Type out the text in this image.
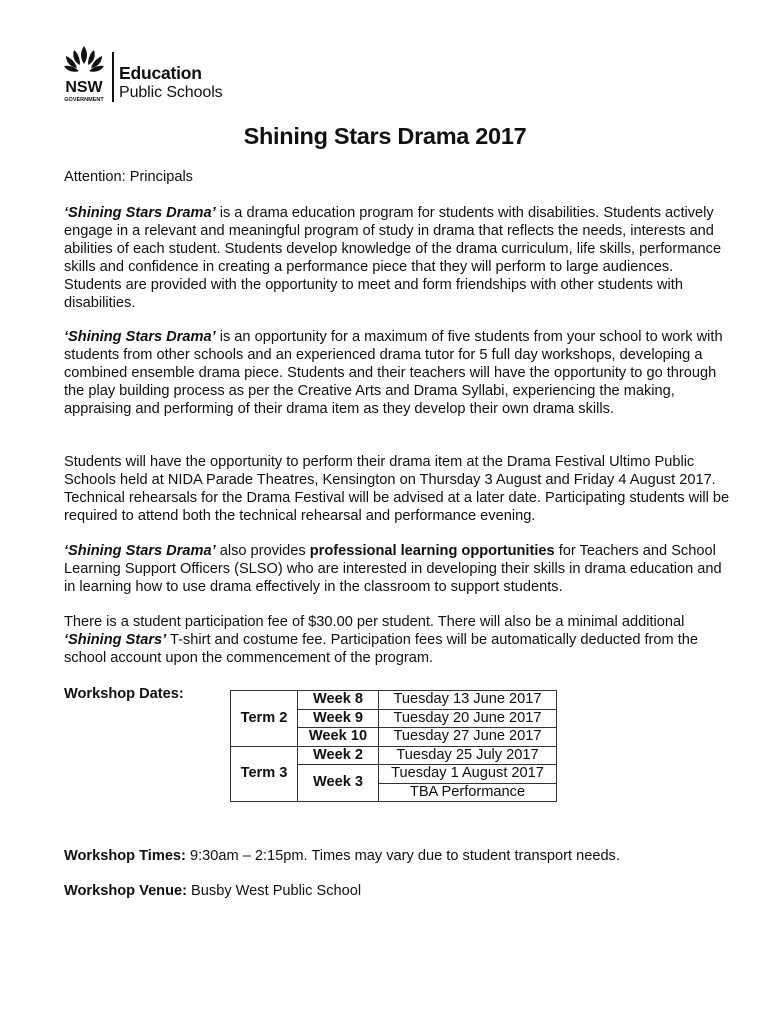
NSW
GOVERNMENT
Education
Public Schools
Shining Stars Drama 2017

Attention: Principals

‘Shining Stars Drama’ is a drama education program for students with disabilities. Students actively engage in a relevant and meaningful program of study in drama that reflects the needs, interests and abilities of each student. Students develop knowledge of the drama curriculum, life skills, performance skills and confidence in creating a performance piece that they will perform to large audiences. Students are provided with the opportunity to meet and form friendships with other students with disabilities.

‘Shining Stars Drama’ is an opportunity for a maximum of five students from your school to work with students from other schools and an experienced drama tutor for 5 full day workshops, developing a combined ensemble drama piece. Students and their teachers will have the opportunity to go through the play building process as per the Creative Arts and Drama Syllabi, experiencing the making, appraising and performing of their drama item as they develop their own drama skills.

Students will have the opportunity to perform their drama item at the Drama Festival Ultimo Public Schools held at NIDA Parade Theatres, Kensington on Thursday 3 August and Friday 4 August 2017. Technical rehearsals for the Drama Festival will be advised at a later date. Participating students will be required to attend both the technical rehearsal and performance evening.

‘Shining Stars Drama’ also provides professional learning opportunities for Teachers and School Learning Support Officers (SLSO) who are interested in developing their skills in drama education and in learning how to use drama effectively in the classroom to support students.

There is a student participation fee of $30.00 per student. There will also be a minimal additional ‘Shining Stars’ T-shirt and costume fee. Participation fees will be automatically deducted from the school account upon the commencement of the program.

Workshop Dates:
Term 2	Week 8	Tuesday 13 June 2017
	Week 9	Tuesday 20 June 2017
	Week 10	Tuesday 27 June 2017
Term 3	Week 2	Tuesday 25 July 2017
	Week 3	Tuesday 1 August 2017
		TBA Performance

Workshop Times: 9:30am – 2:15pm. Times may vary due to student transport needs.

Workshop Venue: Busby West Public School
